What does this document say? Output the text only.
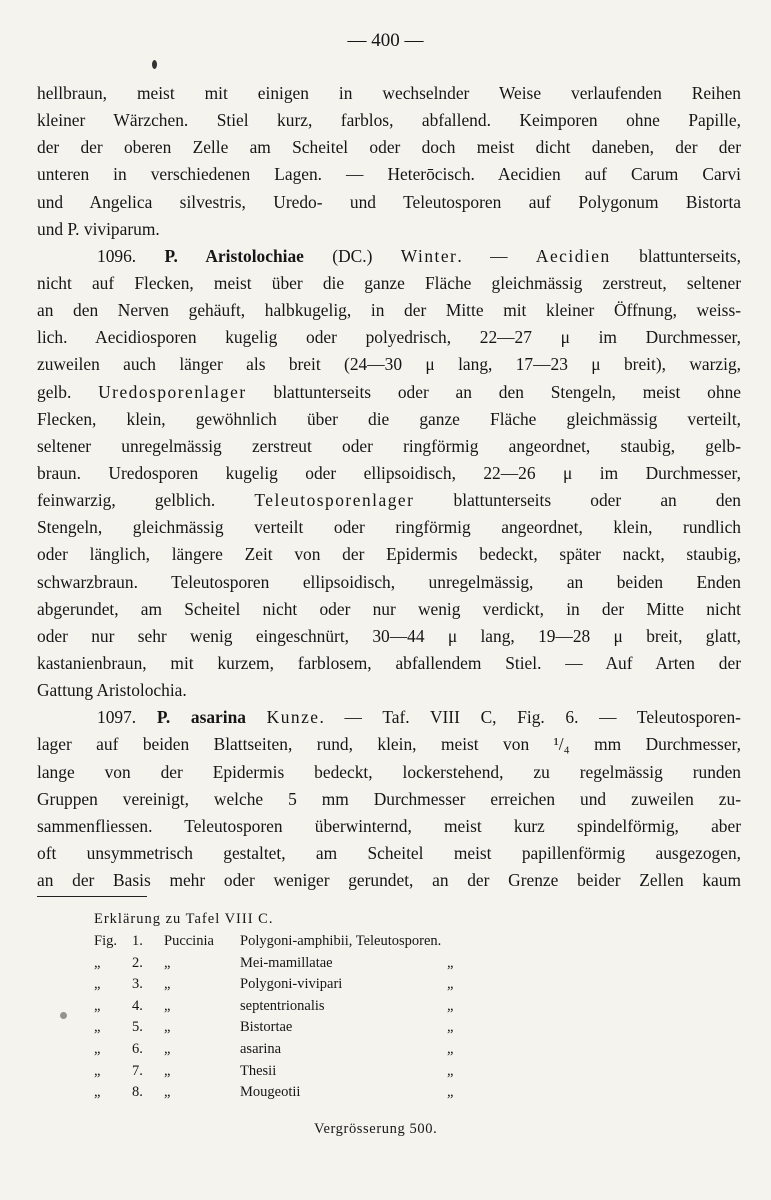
— 400 —
hellbraun, meist mit einigen in wechselnder Weise verlaufenden Reihen
kleiner Wärzchen. Stiel kurz, farblos, abfallend. Keimporen ohne Papille,
der der oberen Zelle am Scheitel oder doch meist dicht daneben, der der
unteren in verschiedenen Lagen. — Heterōcisch. Aecidien auf Carum Carvi
und Angelica silvestris, Uredo- und Teleutosporen auf Polygonum Bistorta
und P. viviparum.
1096. P. Aristolochiae (DC.) Winter. — Aecidien blattunterseits,
nicht auf Flecken, meist über die ganze Fläche gleichmässig zerstreut, seltener
an den Nerven gehäuft, halbkugelig, in der Mitte mit kleiner Öffnung, weiss-
lich. Aecidiosporen kugelig oder polyedrisch, 22—27 μ im Durchmesser,
zuweilen auch länger als breit (24—30 μ lang, 17—23 μ breit), warzig,
gelb. Uredosporenlager blattunterseits oder an den Stengeln, meist ohne
Flecken, klein, gewöhnlich über die ganze Fläche gleichmässig verteilt,
seltener unregelmässig zerstreut oder ringförmig angeordnet, staubig, gelb-
braun. Uredosporen kugelig oder ellipsoidisch, 22—26 μ im Durchmesser,
feinwarzig, gelblich. Teleutosporenlager blattunterseits oder an den
Stengeln, gleichmässig verteilt oder ringförmig angeordnet, klein, rundlich
oder länglich, längere Zeit von der Epidermis bedeckt, später nackt, staubig,
schwarzbraun. Teleutosporen ellipsoidisch, unregelmässig, an beiden Enden
abgerundet, am Scheitel nicht oder nur wenig verdickt, in der Mitte nicht
oder nur sehr wenig eingeschnürt, 30—44 μ lang, 19—28 μ breit, glatt,
kastanienbraun, mit kurzem, farblosem, abfallendem Stiel. — Auf Arten der
Gattung Aristolochia.
1097. P. asarina Kunze. — Taf. VIII C, Fig. 6. — Teleutosporen-
lager auf beiden Blattseiten, rund, klein, meist von ¹/₄ mm Durchmesser,
lange von der Epidermis bedeckt, lockerstehend, zu regelmässig runden
Gruppen vereinigt, welche 5 mm Durchmesser erreichen und zuweilen zu-
sammenfliessen. Teleutosporen überwinternd, meist kurz spindelförmig, aber
oft unsymmetrisch gestaltet, am Scheitel meist papillenförmig ausgezogen,
an der Basis mehr oder weniger gerundet, an der Grenze beider Zellen kaum
Erklärung zu Tafel VIII C.
Vergrösserung 500.
Fig. 1. Puccinia Polygoni-amphibii, Teleutosporen.
„ 2. „	Mei-mamillatae	„
„ 3. „	Polygoni-vivipari	„
„ 4. „	septentrionalis	„
„ 5. „	Bistortae	„
„ 6. „	asarina	„
„ 7. „	Thesii	„
„ 8. „	Mougeotii	„
